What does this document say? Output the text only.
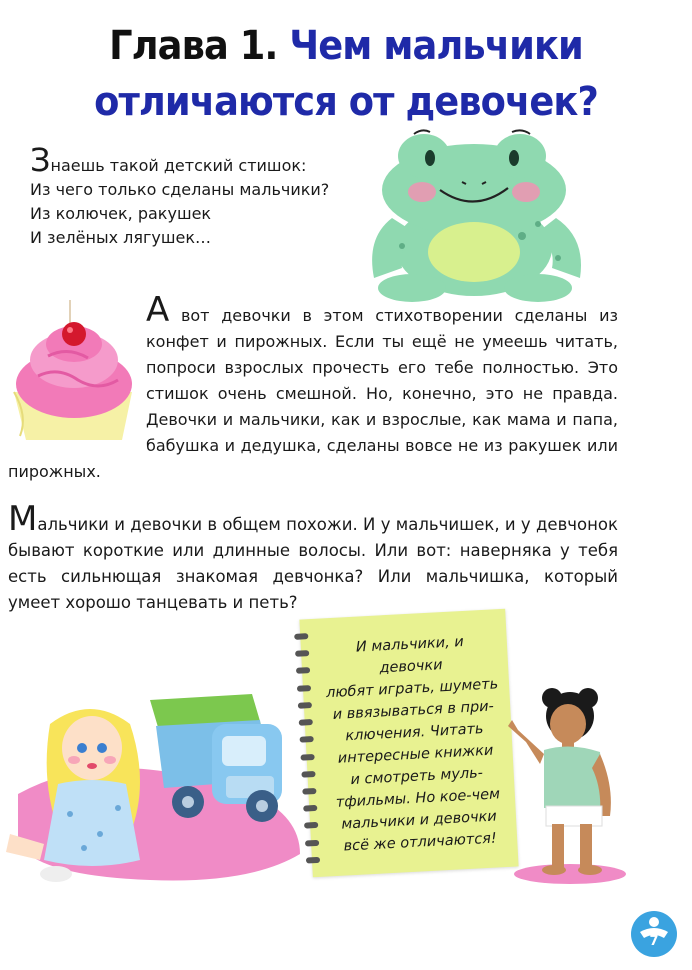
Глава 1. Чем мальчики
отличаются от девочек?
Знаешь такой детский стишок:
Из чего только сделаны мальчики?
Из колючек, ракушек
И зелёных лягушек…
А вот девочки в этом стихотворении сделаны из конфет и пирожных. Если ты ещё не умеешь читать, попроси взрослых прочесть его тебе полностью. Это стишок очень смешной. Но, конечно, это не правда. Девочки и мальчики, как и взрослые, как мама и папа, бабушка и дедушка, сделаны вовсе не из ракушек или пирожных.
Мальчики и девочки в общем похожи. И у мальчишек, и у девчонок бывают короткие или длинные волосы. Или вот: наверняка у тебя есть сильнющая знакомая девчонка? Или мальчишка, который умеет хорошо танцевать и петь?
И мальчики, и девочки
любят играть, шуметь
и ввязываться в при-
ключения. Читать
интересные книжки
и смотреть муль-
тфильмы. Но кое-чем
мальчики и девочки
всё же отличаются!
7
